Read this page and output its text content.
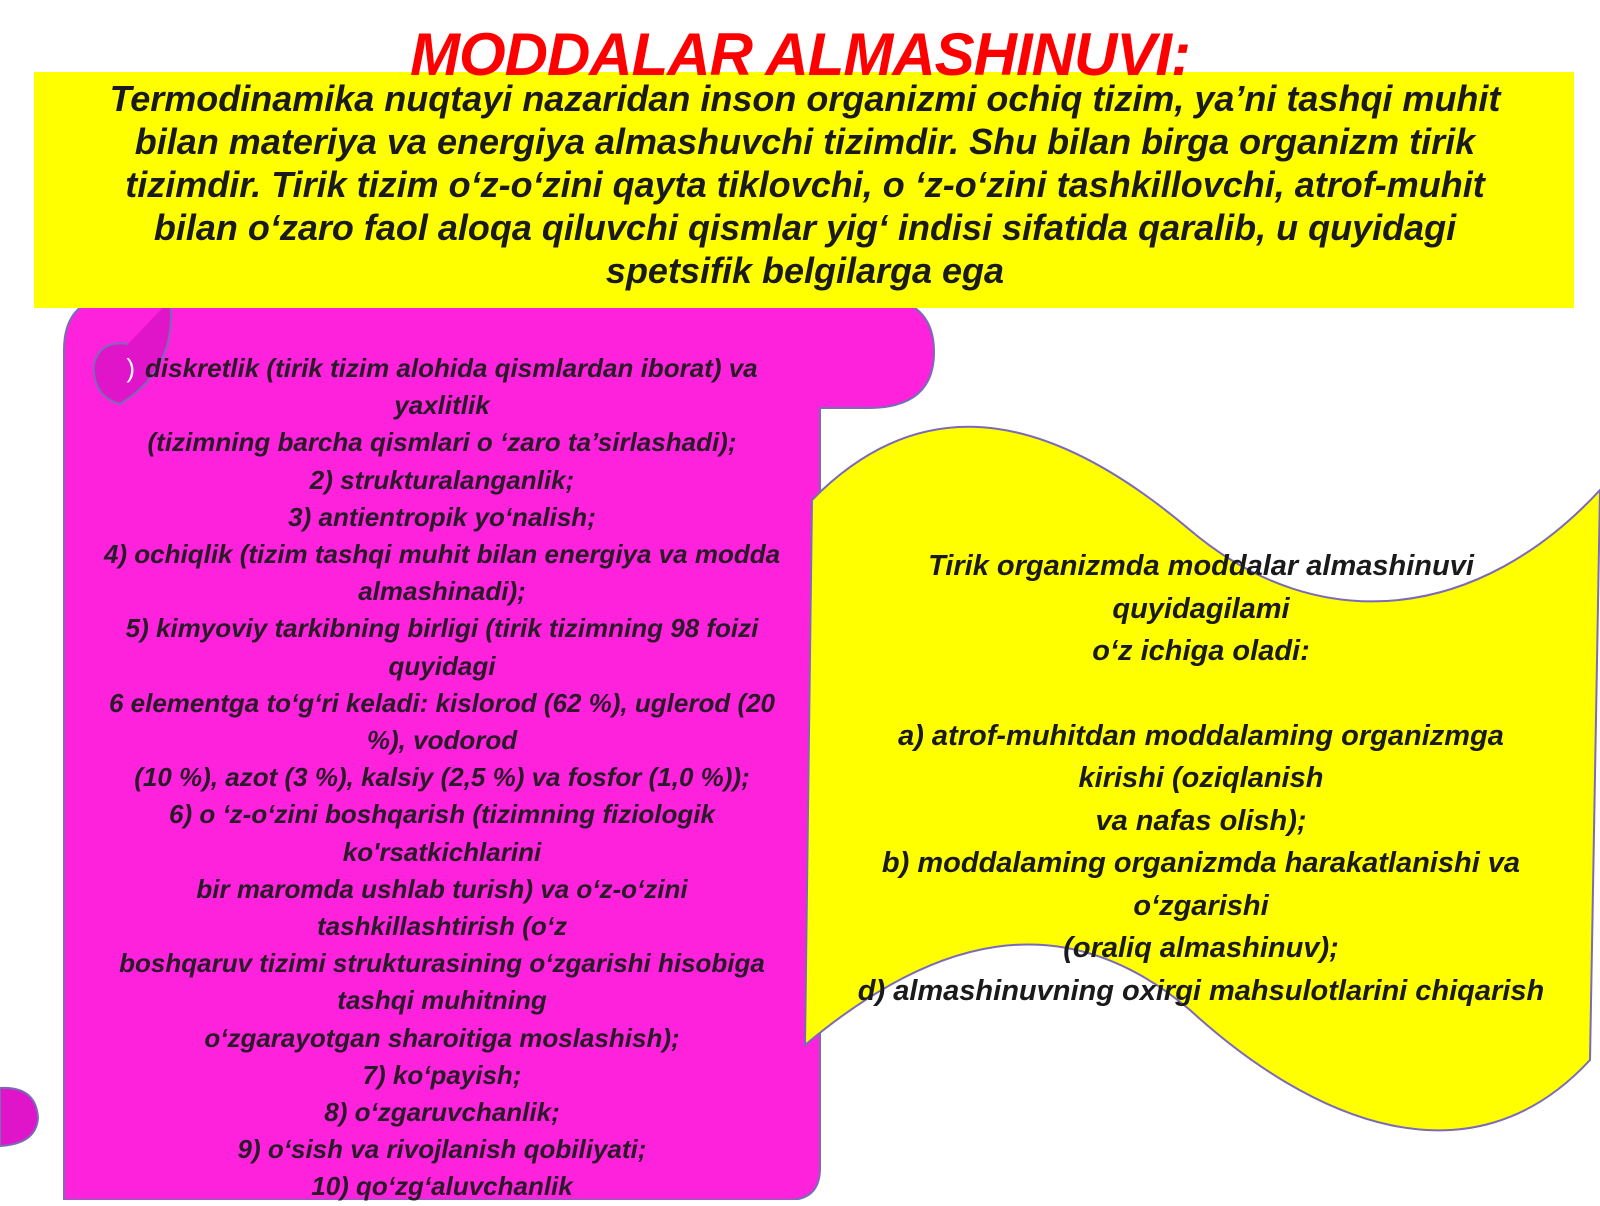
MODDALAR ALMASHINUVI:
Termodinamika nuqtayi nazaridan inson organizmi ochiq tizim, ya’ni tashqi muhit
bilan materiya va energiya almashuvchi tizimdir. Shu bilan birga organizm tirik
tizimdir. Tirik tizim o‘z-o‘zini qayta tiklovchi, o ‘z-o‘zini tashkillovchi, atrof-muhit
bilan o‘zaro faol aloqa qiluvchi qismlar yig‘ indisi sifatida qaralib, u quyidagi
spetsifik belgilarga ega
) diskretlik (tirik tizim alohida qismlardan iborat) va
yaxlitlik
(tizimning barcha qismlari o ‘zaro ta’sirlashadi);
2) strukturalanganlik;
3) antientropik yo‘nalish;
4) ochiqlik (tizim tashqi muhit bilan energiya va modda
almashinadi);
5) kimyoviy tarkibning birligi (tirik tizimning 98 foizi
quyidagi
6 elementga to‘g‘ri keladi: kislorod (62 %), uglerod (20
%), vodorod
(10 %), azot (3 %), kalsiy (2,5 %) va fosfor (1,0 %));
6) o ‘z-o‘zini boshqarish (tizimning fiziologik
ko'rsatkichlarini
bir maromda ushlab turish) va o‘z-o‘zini
tashkillashtirish (o‘z
boshqaruv tizimi strukturasining o‘zgarishi hisobiga
tashqi muhitning
o‘zgarayotgan sharoitiga moslashish);
7) ko‘payish;
8) o‘zgaruvchanlik;
9) o‘sish va rivojlanish qobiliyati;
10) qo‘zg‘aluvchanlik
Tirik organizmda moddalar almashinuvi
quyidagilami
o‘z ichiga oladi:
a) atrof-muhitdan moddalaming organizmga
kirishi (oziqlanish
va nafas olish);
b) moddalaming organizmda harakatlanishi va
o‘zgarishi
(oraliq almashinuv);
d) almashinuvning oxirgi mahsulotlarini chiqarish
